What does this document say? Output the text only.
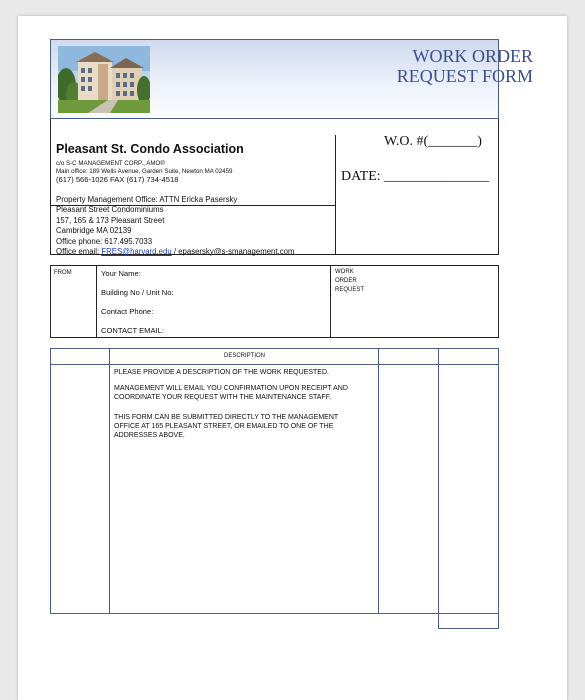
WORK ORDER
REQUEST FORM
Pleasant St. Condo Association
c/o S-C MANAGEMENT CORP., AMO®
Main office: 189 Wells Avenue, Garden Suite, Newton MA 02459
(617) 566-1026 FAX (617) 734-4518
Property Management Office: ATTN Ericka Pasersky
Pleasant Street Condominiums
157, 165 & 173 Pleasant Street
Cambridge MA 02139
Office phone: 617.495.7033
Office email: FRES@harvard.edu / epasersky@s-smanagement.com
W.O. #(_______)
DATE: _______________
FROM	Your Name:
Building No / Unit No:
Contact Phone:
CONTACT EMAIL:
WORK
ORDER
REQUEST
DESCRIPTION
PLEASE PROVIDE A DESCRIPTION OF THE WORK REQUESTED.
MANAGEMENT WILL EMAIL YOU CONFIRMATION UPON RECEIPT AND COORDINATE YOUR REQUEST WITH THE MAINTENANCE STAFF.
THIS FORM CAN BE SUBMITTED DIRECTLY TO THE MANAGEMENT OFFICE AT 165 PLEASANT STREET, OR EMAILED TO ONE OF THE ADDRESSES ABOVE.
